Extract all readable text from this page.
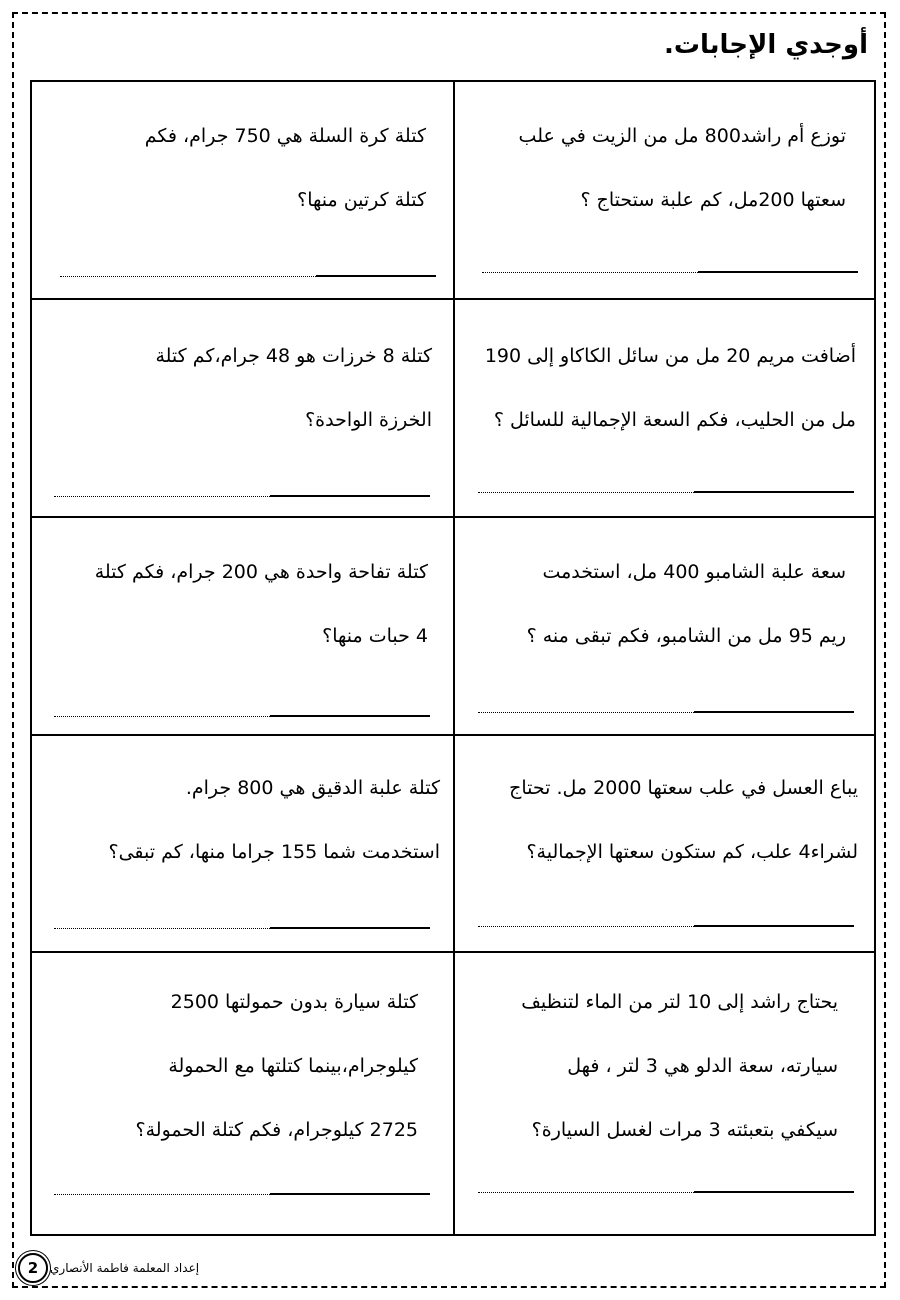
أوجدي الإجابات.
توزع أم راشد800 مل من الزيت في علب
سعتها 200مل، كم علبة ستحتاج ؟
كتلة كرة السلة هي 750 جرام، فكم
كتلة كرتين منها؟
أضافت مريم 20 مل من سائل الكاكاو إلى 190
مل من الحليب، فكم السعة الإجمالية للسائل ؟
كتلة 8 خرزات هو 48 جرام،كم كتلة
الخرزة الواحدة؟
سعة علبة الشامبو 400 مل، استخدمت
ريم 95 مل من الشامبو، فكم تبقى منه ؟
كتلة تفاحة واحدة هي 200 جرام، فكم كتلة
4 حبات منها؟
يباع العسل في علب سعتها 2000 مل. تحتاج
لشراء4 علب، كم ستكون سعتها الإجمالية؟
كتلة علبة الدقيق هي 800 جرام.
استخدمت شما 155 جراما منها، كم تبقى؟
يحتاج راشد إلى 10 لتر من الماء لتنظيف
سيارته، سعة الدلو هي 3 لتر ، فهل
سيكفي بتعبئته 3 مرات لغسل السيارة؟
كتلة سيارة بدون حمولتها 2500
كيلوجرام،بينما كتلتها مع الحمولة
2725 كيلوجرام، فكم كتلة الحمولة؟
2 إعداد المعلمة فاطمة الأنصاري
